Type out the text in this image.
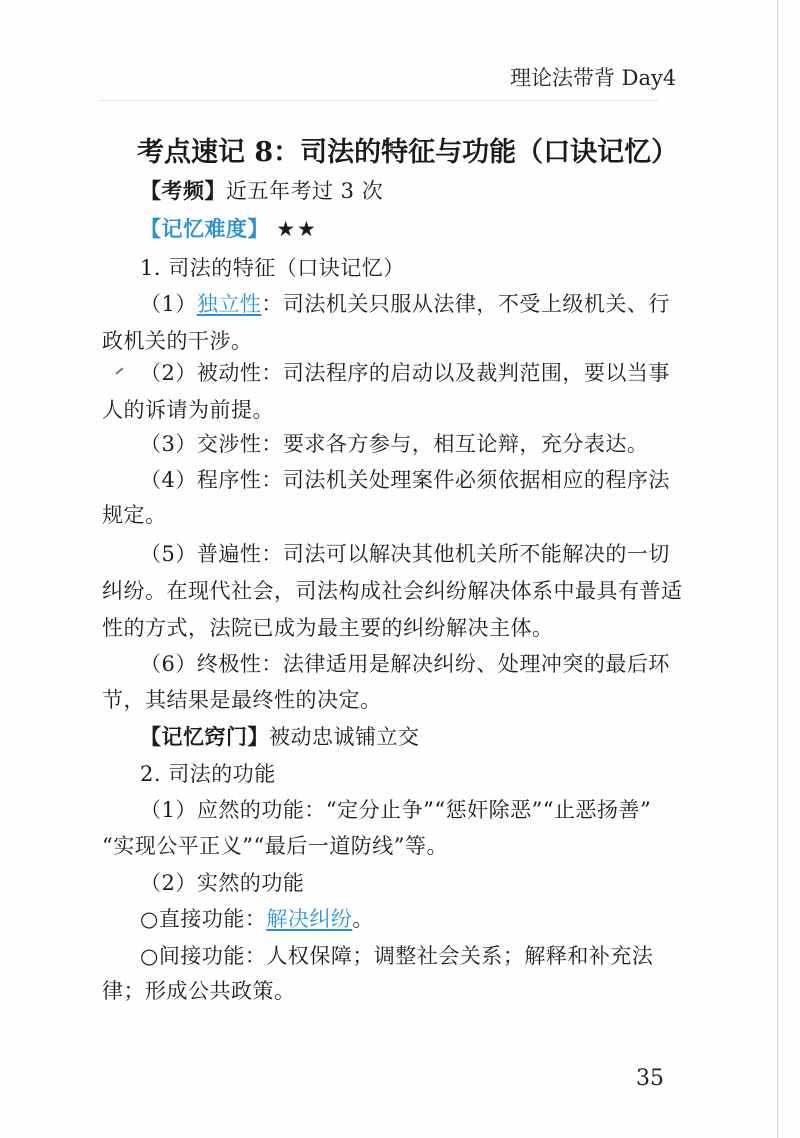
理论法带背 Day4
考点速记 8：司法的特征与功能（口诀记忆）
【考频】近五年考过 3 次
【记忆难度】 ★★
1. 司法的特征（口诀记忆）
（1）独立性：司法机关只服从法律，不受上级机关、行
政机关的干涉。
（2）被动性：司法程序的启动以及裁判范围，要以当事
人的诉请为前提。
（3）交涉性：要求各方参与，相互论辩，充分表达。
（4）程序性：司法机关处理案件必须依据相应的程序法
规定。
（5）普遍性：司法可以解决其他机关所不能解决的一切
纠纷。在现代社会，司法构成社会纠纷解决体系中最具有普适
性的方式，法院已成为最主要的纠纷解决主体。
（6）终极性：法律适用是解决纠纷、处理冲突的最后环
节，其结果是最终性的决定。
【记忆窍门】被动忠诚铺立交
2. 司法的功能
（1）应然的功能：“定分止争”“惩奸除恶”“止恶扬善”
“实现公平正义”“最后一道防线”等。
（2）实然的功能
○直接功能：解决纠纷。
○间接功能：人权保障；调整社会关系；解释和补充法
律；形成公共政策。
35
